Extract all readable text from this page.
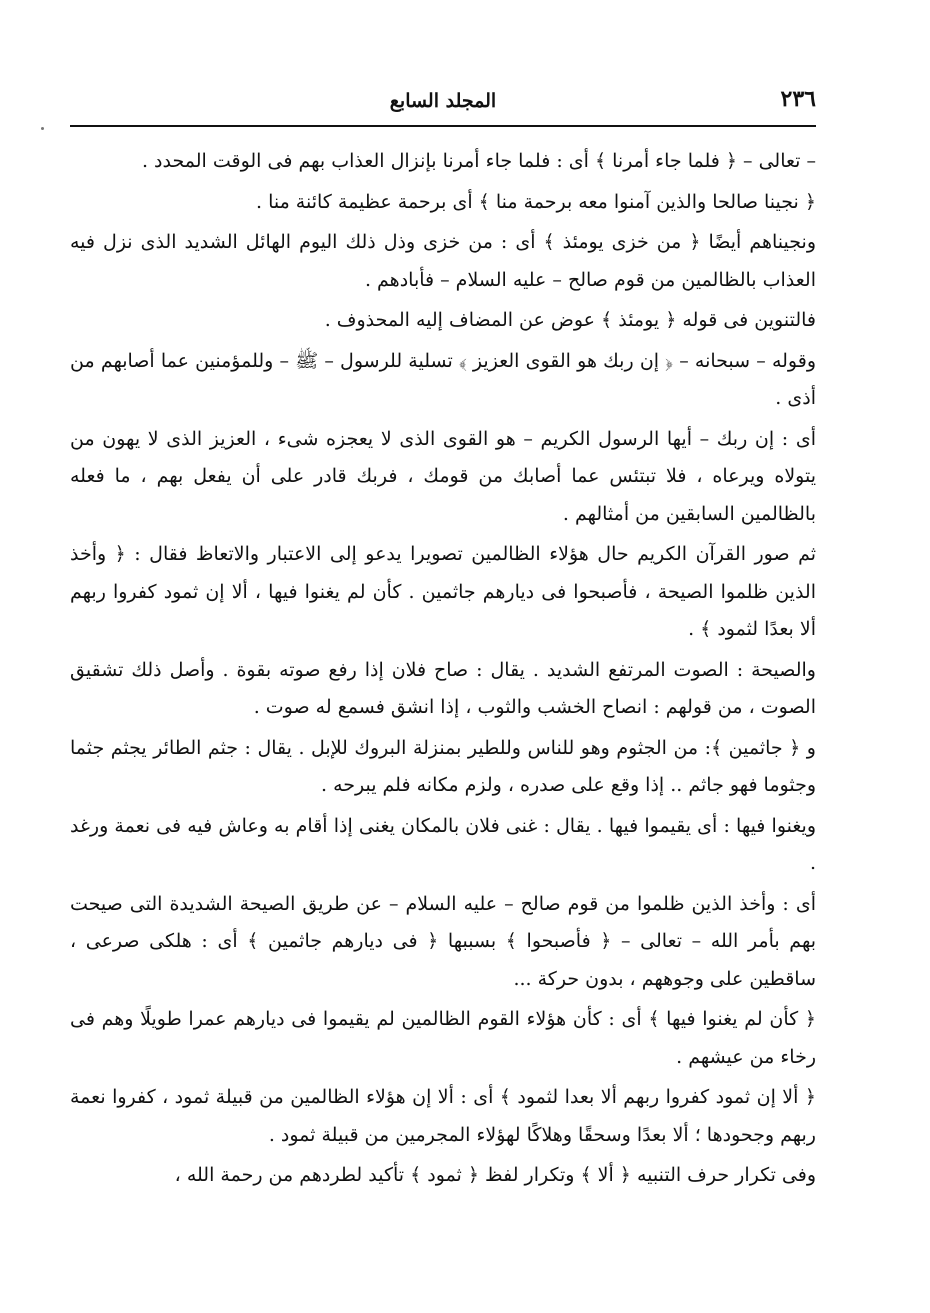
٢٣٦
المجلد السابع

– تعالى – ﴿ فلما جاء أمرنا ﴾ أى : فلما جاء أمرنا بإنزال العذاب بهم فى الوقت المحدد .

﴿ نجينا صالحا والذين آمنوا معه برحمة منا ﴾ أى برحمة عظيمة كائنة منا .

ونجيناهم أيضًا ﴿ من خزى يومئذ ﴾ أى : من خزى وذل ذلك اليوم الهائل الشديد الذى نزل فيه العذاب بالظالمين من قوم صالح – عليه السلام – فأبادهم .

فالتنوين فى قوله ﴿ يومئذ ﴾ عوض عن المضاف إليه المحذوف .

وقوله – سبحانه – ﴿ إن ربك هو القوى العزيز ﴾ تسلية للرسول – ﷺ – وللمؤمنين عما أصابهم من أذى .

أى : إن ربك – أيها الرسول الكريم – هو القوى الذى لا يعجزه شىء ، العزيز الذى لا يهون من يتولاه ويرعاه ، فلا تبتئس عما أصابك من قومك ، فربك قادر على أن يفعل بهم ، ما فعله بالظالمين السابقين من أمثالهم .

ثم صور القرآن الكريم حال هؤلاء الظالمين تصويرا يدعو إلى الاعتبار والاتعاظ فقال : ﴿ وأخذ الذين ظلموا الصيحة ، فأصبحوا فى ديارهم جاثمين . كأن لم يغنوا فيها ، ألا إن ثمود كفروا ربهم ألا بعدًا لثمود ﴾ .

والصيحة : الصوت المرتفع الشديد . يقال : صاح فلان إذا رفع صوته بقوة . وأصل ذلك تشقيق الصوت ، من قولهم : انصاح الخشب والثوب ، إذا انشق فسمع له صوت .

و ﴿ جاثمين ﴾: من الجثوم وهو للناس وللطير بمنزلة البروك للإبل . يقال : جثم الطائر يجثم جثما وجثوما فهو جاثم .. إذا وقع على صدره ، ولزم مكانه فلم يبرحه .

ويغنوا فيها : أى يقيموا فيها . يقال : غنى فلان بالمكان يغنى إذا أقام به وعاش فيه فى نعمة ورغد .

أى : وأخذ الذين ظلموا من قوم صالح – عليه السلام – عن طريق الصيحة الشديدة التى صيحت بهم بأمر الله – تعالى – ﴿ فأصبحوا ﴾ بسببها ﴿ فى ديارهم جاثمين ﴾ أى : هلكى صرعى ، ساقطين على وجوههم ، بدون حركة ...

﴿ كأن لم يغنوا فيها ﴾ أى : كأن هؤلاء القوم الظالمين لم يقيموا فى ديارهم عمرا طويلًا وهم فى رخاء من عيشهم .

﴿ ألا إن ثمود كفروا ربهم ألا بعدا لثمود ﴾ أى : ألا إن هؤلاء الظالمين من قبيلة ثمود ، كفروا نعمة ربهم وجحودها ؛ ألا بعدًا وسحقًا وهلاكًا لهؤلاء المجرمين من قبيلة ثمود .

وفى تكرار حرف التنبيه ﴿ ألا ﴾ وتكرار لفظ ﴿ ثمود ﴾ تأكيد لطردهم من رحمة الله ،
